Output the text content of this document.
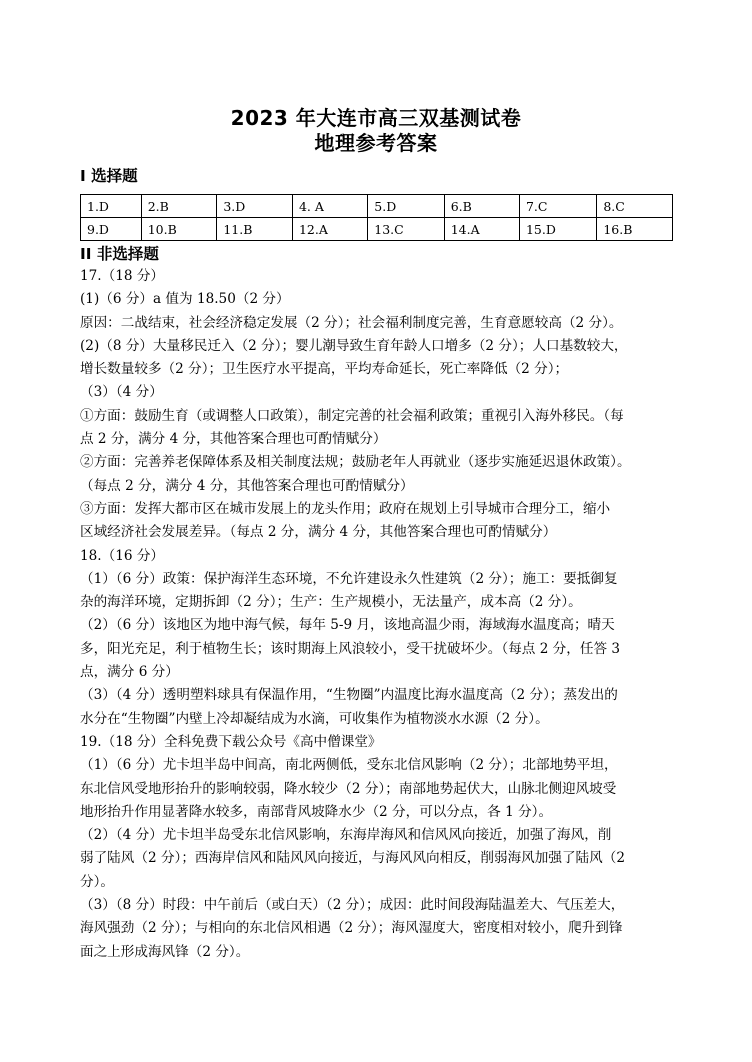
2023 年大连市高三双基测试卷
地理参考答案
I 选择题
1.D	2.B	3.D	4. A	5.D	6.B	7.C	8.C
9.D	10.B	11.B	12.A	13.C	14.A	15.D	16.B
II 非选择题
17.（18 分）
(1)（6 分）a 值为 18.50（2 分）
原因：二战结束，社会经济稳定发展（2 分）；社会福利制度完善，生育意愿较高（2 分）。
(2)（8 分）大量移民迁入（2 分）；婴儿潮导致生育年龄人口增多（2 分）；人口基数较大，
增长数量较多（2 分）；卫生医疗水平提高，平均寿命延长，死亡率降低（2 分）；
（3）（4 分）
①方面：鼓励生育（或调整人口政策），制定完善的社会福利政策；重视引入海外移民。（每
点 2 分，满分 4 分，其他答案合理也可酌情赋分）
②方面：完善养老保障体系及相关制度法规；鼓励老年人再就业（逐步实施延迟退休政策）。
（每点 2 分，满分 4 分，其他答案合理也可酌情赋分）
③方面：发挥大都市区在城市发展上的龙头作用；政府在规划上引导城市合理分工，缩小
区域经济社会发展差异。（每点 2 分，满分 4 分，其他答案合理也可酌情赋分）
18.（16 分）
（1）（6 分）政策：保护海洋生态环境，不允许建设永久性建筑（2 分）；施工：要抵御复
杂的海洋环境，定期拆卸（2 分）；生产：生产规模小，无法量产，成本高（2 分）。
（2）（6 分）该地区为地中海气候，每年 5-9 月，该地高温少雨，海域海水温度高；晴天
多，阳光充足，利于植物生长；该时期海上风浪较小，受干扰破坏少。（每点 2 分，任答 3
点，满分 6 分）
（3）（4 分）透明塑料球具有保温作用，“生物圈”内温度比海水温度高（2 分）；蒸发出的
水分在“生物圈”内壁上冷却凝结成为水滴，可收集作为植物淡水水源（2 分）。
19.（18 分）全科免费下载公众号《高中僧课堂》
（1）（6 分）尤卡坦半岛中间高，南北两侧低，受东北信风影响（2 分）；北部地势平坦，
东北信风受地形抬升的影响较弱，降水较少（2 分）；南部地势起伏大，山脉北侧迎风坡受
地形抬升作用显著降水较多，南部背风坡降水少（2 分，可以分点，各 1 分）。
（2）（4 分）尤卡坦半岛受东北信风影响，东海岸海风和信风风向接近，加强了海风，削
弱了陆风（2 分）；西海岸信风和陆风风向接近，与海风风向相反，削弱海风加强了陆风（2
分）。
（3）（8 分）时段：中午前后（或白天）（2 分）；成因：此时间段海陆温差大、气压差大，
海风强劲（2 分）；与相向的东北信风相遇（2 分）；海风湿度大，密度相对较小，爬升到锋
面之上形成海风锋（2 分）。
